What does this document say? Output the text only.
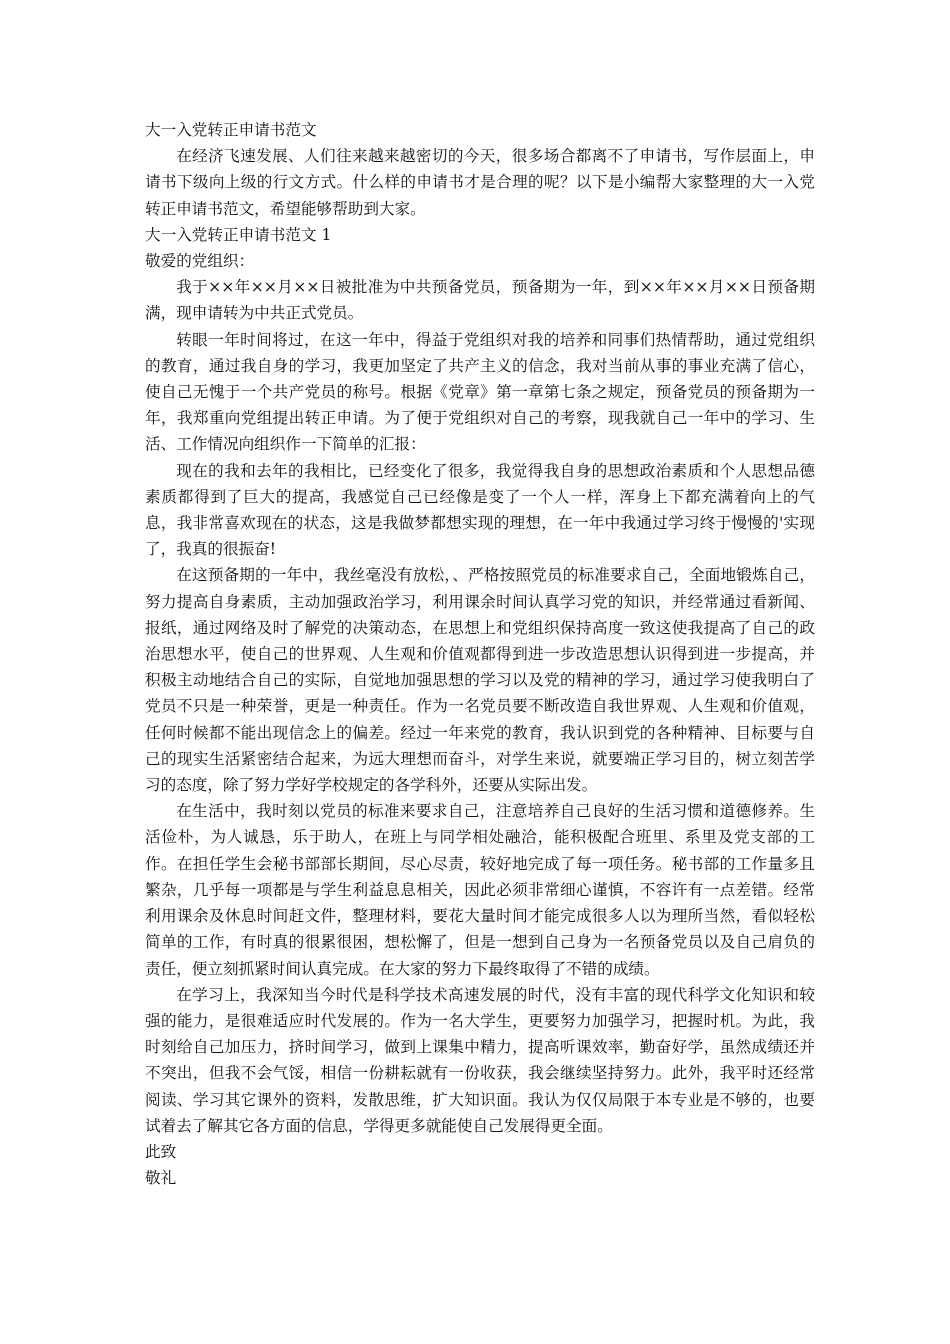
大一入党转正申请书范文

在经济飞速发展、人们往来越来越密切的今天，很多场合都离不了申请书，写作层面上，申请书下级向上级的行文方式。什么样的申请书才是合理的呢？以下是小编帮大家整理的大一入党转正申请书范文，希望能够帮助到大家。

大一入党转正申请书范文 1

敬爱的党组织：

我于××年××月××日被批准为中共预备党员，预备期为一年，到××年××月××日预备期满，现申请转为中共正式党员。

转眼一年时间将过，在这一年中，得益于党组织对我的培养和同事们热情帮助，通过党组织的教育，通过我自身的学习，我更加坚定了共产主义的信念，我对当前从事的事业充满了信心，使自己无愧于一个共产党员的称号。根据《党章》第一章第七条之规定，预备党员的预备期为一年，我郑重向党组提出转正申请。为了便于党组织对自己的考察，现我就自己一年中的学习、生活、工作情况向组织作一下简单的汇报：

现在的我和去年的我相比，已经变化了很多，我觉得我自身的思想政治素质和个人思想品德素质都得到了巨大的提高，我感觉自己已经像是变了一个人一样，浑身上下都充满着向上的气息，我非常喜欢现在的状态，这是我做梦都想实现的理想，在一年中我通过学习终于慢慢的'实现了，我真的很振奋!

在这预备期的一年中，我丝毫没有放松，、严格按照党员的标准要求自己，全面地锻炼自己，努力提高自身素质，主动加强政治学习，利用课余时间认真学习党的知识，并经常通过看新闻、报纸，通过网络及时了解党的决策动态，在思想上和党组织保持高度一致这使我提高了自己的政治思想水平，使自己的世界观、人生观和价值观都得到进一步改造思想认识得到进一步提高，并积极主动地结合自己的实际，自觉地加强思想的学习以及党的精神的学习，通过学习使我明白了党员不只是一种荣誉，更是一种责任。作为一名党员要不断改造自我世界观、人生观和价值观，任何时候都不能出现信念上的偏差。经过一年来党的教育，我认识到党的各种精神、目标要与自己的现实生活紧密结合起来，为远大理想而奋斗，对学生来说，就要端正学习目的，树立刻苦学习的态度，除了努力学好学校规定的各学科外，还要从实际出发。

在生活中，我时刻以党员的标准来要求自己，注意培养自己良好的生活习惯和道德修养。生活俭朴，为人诚恳，乐于助人，在班上与同学相处融洽，能积极配合班里、系里及党支部的工作。在担任学生会秘书部部长期间，尽心尽责，较好地完成了每一项任务。秘书部的工作量多且繁杂，几乎每一项都是与学生利益息息相关，因此必须非常细心谨慎，不容许有一点差错。经常利用课余及休息时间赶文件，整理材料，要花大量时间才能完成很多人以为理所当然，看似轻松简单的工作，有时真的很累很困，想松懈了，但是一想到自己身为一名预备党员以及自己肩负的责任，便立刻抓紧时间认真完成。在大家的努力下最终取得了不错的成绩。

在学习上，我深知当今时代是科学技术高速发展的时代，没有丰富的现代科学文化知识和较强的能力，是很难适应时代发展的。作为一名大学生，更要努力加强学习，把握时机。为此，我时刻给自己加压力，挤时间学习，做到上课集中精力，提高听课效率，勤奋好学，虽然成绩还并不突出，但我不会气馁，相信一份耕耘就有一份收获，我会继续坚持努力。此外，我平时还经常阅读、学习其它课外的资料，发散思维，扩大知识面。我认为仅仅局限于本专业是不够的，也要试着去了解其它各方面的信息，学得更多就能使自己发展得更全面。

此致

敬礼
